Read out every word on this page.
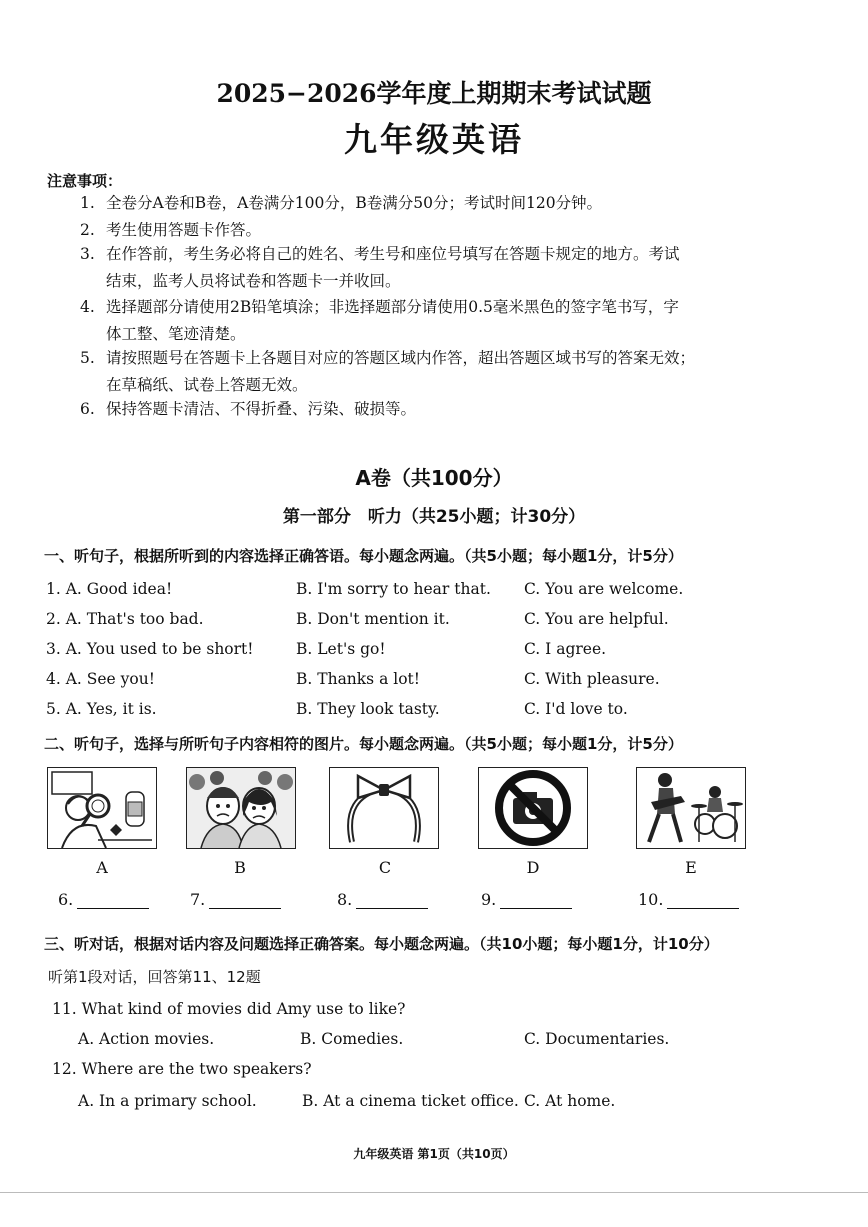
2025−2026学年度上期期末考试试题
九年级英语
注意事项：
1. 全卷分A卷和B卷，A卷满分100分，B卷满分50分；考试时间120分钟。
2. 考生使用答题卡作答。
3. 在作答前，考生务必将自己的姓名、考生号和座位号填写在答题卡规定的地方。考试
结束，监考人员将试卷和答题卡一并收回。
4. 选择题部分请使用2B铅笔填涂；非选择题部分请使用0.5毫米黑色的签字笔书写，字
体工整、笔迹清楚。
5. 请按照题号在答题卡上各题目对应的答题区域内作答，超出答题区域书写的答案无效；
在草稿纸、试卷上答题无效。
6. 保持答题卡清洁、不得折叠、污染、破损等。
A卷（共100分）
第一部分　听力（共25小题；计30分）
一、听句子，根据所听到的内容选择正确答语。每小题念两遍。（共5小题；每小题1分，计5分）
1. A. Good idea!	B. I'm sorry to hear that. C. You are welcome.
2. A. That's too bad.	B. Don't mention it.	C. You are helpful.
3. A. You used to be short!	B. Let's go!	C. I agree.
4. A. See you!	B. Thanks a lot!	C. With pleasure.
5. A. Yes, it is.	B. They look tasty.	C. I'd love to.
二、听句子，选择与所听句子内容相符的图片。每小题念两遍。（共5小题；每小题1分，计5分）
A	B	C	D	E
6.	7.	8.	9.	10.
三、听对话，根据对话内容及问题选择正确答案。每小题念两遍。（共10小题；每小题1分，计10分）
听第1段对话，回答第11、12题
11. What kind of movies did Amy use to like?
A. Action movies.	B. Comedies.	C. Documentaries.
12. Where are the two speakers?
A. In a primary school.	B. At a cinema ticket office. C. At home.
九年级英语 第1页（共10页）
